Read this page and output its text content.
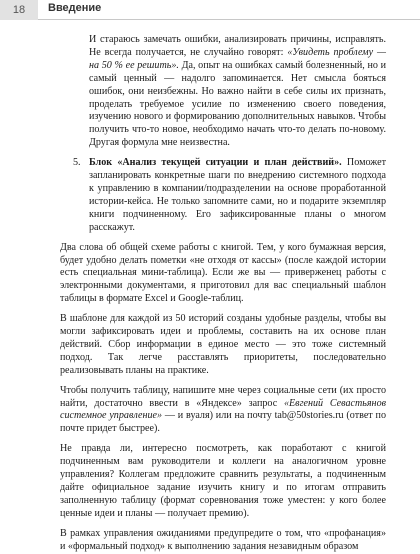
18	Введение

И стараюсь замечать ошибки, анализировать причины, исправлять. Не всегда получается, не случайно говорят: «Увидеть проблему — на 50 % ее решить». Да, опыт на ошибках самый болезненный, но и самый ценный — надолго запоминается. Нет смысла бояться ошибок, они неизбежны. Но важно найти в себе силы их признать, проделать требуемое усилие по изменению своего поведения, изучению нового и формированию дополнительных навыков. Чтобы получить что-то новое, необходимо начать что-то делать по-новому. Другая формула мне неизвестна.

5. Блок «Анализ текущей ситуации и план действий». Поможет запланировать конкретные шаги по внедрению системного подхода к управлению в компании/подразделении на основе проработанной истории-кейса. Не только запомните сами, но и подарите экземпляр книги подчиненному. Его зафиксированные планы о многом расскажут.

Два слова об общей схеме работы с книгой. Тем, у кого бумажная версия, будет удобно делать пометки «не отходя от кассы» (после каждой истории есть специальная мини-таблица). Если же вы — приверженец работы с электронными документами, я приготовил для вас специальный шаблон таблицы в формате Excel и Google-таблиц.

В шаблоне для каждой из 50 историй созданы удобные разделы, чтобы вы могли зафиксировать идеи и проблемы, составить на их основе план действий. Сбор информации в единое место — это тоже системный подход. Так легче расставлять приоритеты, последовательно реализовывать планы на практике.

Чтобы получить таблицу, напишите мне через социальные сети (их просто найти, достаточно ввести в «Яндексе» запрос «Евгений Севастьянов системное управление» — и вуаля) или на почту tab@50stories.ru (ответ по почте придет быстрее).

Не правда ли, интересно посмотреть, как поработают с книгой подчиненным вам руководители и коллеги на аналогичном уровне управления? Коллегам предложите сравнить результаты, а подчиненным дайте официальное задание изучить книгу и по итогам отправить заполненную таблицу (формат соревнования тоже уместен: у кого более ценные идеи и планы — получает премию).

В рамках управления ожиданиями предупредите о том, что «профанация» и «формальный подход» к выполнению задания незавидным образом
